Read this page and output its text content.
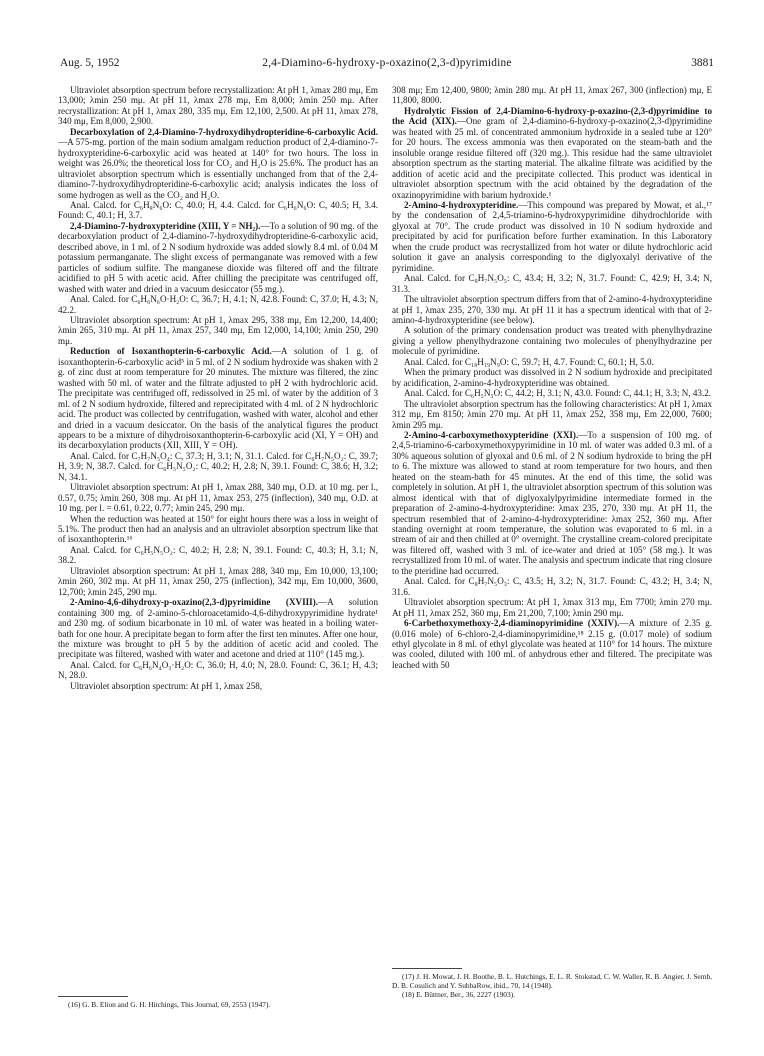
Aug. 5, 1952	2,4-Diamino-6-hydroxy-p-oxazino(2,3-d)pyrimidine	3881

Ultraviolet absorption spectrum before recrystallization: At pH 1, λmax 280 mμ, Em 13,000; λmin 250 mμ. At pH 11, λmax 278 mμ, Em 8,000; λmin 250 mμ. After recrystallization: At pH 1, λmax 280, 335 mμ, Em 12,100, 2,500. At pH 11, λmax 278, 340 mμ, Em 8,000, 2,900.

Decarboxylation of 2,4-Diamino-7-hydroxydihydropteridine-6-carboxylic Acid.—A 575-mg. portion of the main sodium amalgam reduction product of 2,4-diamino-7-hydroxypteridine-6-carboxylic acid was heated at 140° for two hours. The loss in weight was 26.0%; the theoretical loss for CO₂ and H₂O is 25.6%. The product has an ultraviolet absorption spectrum which is essentially unchanged from that of the 2,4-diamino-7-hydroxydihydropteridine-6-carboxylic acid; analysis indicates the loss of some hydrogen as well as the CO₂ and H₂O.

Anal. Calcd. for C₆H₈N₆O: C, 40.0; H, 4.4. Calcd. for C₆H₆N₆O: C, 40.5; H, 3.4. Found: C, 40.1; H, 3.7.

2,4-Diamino-7-hydroxypteridine (XIII, Y = NH₂).—To a solution of 90 mg. of the decarboxylation product of 2,4-diamino-7-hydroxydihydropteridine-6-carboxylic acid, described above, in 1 ml. of 2 N sodium hydroxide was added slowly 8.4 ml. of 0.04 M potassium permanganate. The slight excess of permanganate was removed with a few particles of sodium sulfite. The manganese dioxide was filtered off and the filtrate acidified to pH 5 with acetic acid. After chilling the precipitate was centrifuged off, washed with water and dried in a vacuum desiccator (55 mg.).

Anal. Calcd. for C₆H₆N₆O·H₂O: C, 36.7; H, 4.1; N, 42.8. Found: C, 37.0; H, 4.3; N, 42.2.

Ultraviolet absorption spectrum: At pH 1, λmax 295, 338 mμ, Em 12,200, 14,400; λmin 265, 310 mμ. At pH 11, λmax 257, 340 mμ, Em 12,000, 14,100; λmin 250, 290 mμ.

Reduction of Isoxanthopterin-6-carboxylic Acid.—A solution of 1 g. of isoxanthopterin-6-carboxylic acid⁵ in 5 ml. of 2 N sodium hydroxide was shaken with 2 g. of zinc dust at room temperature for 20 minutes. The mixture was filtered, the zinc washed with 50 ml. of water and the filtrate adjusted to pH 2 with hydrochloric acid. The precipitate was centrifuged off, redissolved in 25 ml. of water by the addition of 3 ml. of 2 N sodium hydroxide, filtered and reprecipitated with 4 ml. of 2 N hydrochloric acid. The product was collected by centrifugation, washed with water, alcohol and ether and dried in a vacuum desiccator. On the basis of the analytical figures the product appears to be a mixture of dihydroisoxanthopterin-6-carboxylic acid (XI, Y = OH) and its decarboxylation products (XII, XIII, Y = OH).

Anal. Calcd. for C₇H₇N₅O₄: C, 37.3; H, 3.1; N, 31.1. Calcd. for C₆H₇N₅O₂: C, 39.7; H, 3.9; N, 38.7. Calcd. for C₆H₅N₅O₂: C, 40.2; H, 2.8; N, 39.1. Found: C, 38.6; H, 3.2; N, 34.1.

Ultraviolet absorption spectrum: At pH 1, λmax 288, 340 mμ, O.D. at 10 mg. per l., 0.57, 0.75; λmin 260, 308 mμ. At pH 11, λmax 253, 275 (inflection), 340 mμ, O.D. at 10 mg. per l. = 0.61, 0.22, 0.77; λmin 245, 290 mμ.

When the reduction was heated at 150° for eight hours there was a loss in weight of 5.1%. The product then had an analysis and an ultraviolet absorption spectrum like that of isoxanthopterin.¹⁶

Anal. Calcd. for C₆H₅N₅O₂: C, 40.2; H, 2.8; N, 39.1. Found: C, 40.3; H, 3.1; N, 38.2.

Ultraviolet absorption spectrum: At pH 1, λmax 288, 340 mμ, Em 10,000, 13,100; λmin 260, 302 mμ. At pH 11, λmax 250, 275 (inflection), 342 mμ, Em 10,000, 3600, 12,700; λmin 245, 290 mμ.

2-Amino-4,6-dihydroxy-p-oxazino(2,3-d)pyrimidine (XVIII).—A solution containing 300 mg. of 2-amino-5-chloroacetamido-4,6-dihydroxypyrimidine hydrate¹ and 230 mg. of sodium bicarbonate in 10 ml. of water was heated in a boiling water-bath for one hour. A precipitate began to form after the first ten minutes. After one hour, the mixture was brought to pH 5 by the addition of acetic acid and cooled. The precipitate was filtered, washed with water and acetone and dried at 110° (145 mg.).

Anal. Calcd. for C₆H₆N₄O₃·H₂O: C, 36.0; H, 4.0; N, 28.0. Found: C, 36.1; H, 4.3; N, 28.0.

Ultraviolet absorption spectrum: At pH 1, λmax 258,

308 mμ; Em 12,400, 9800; λmin 280 mμ. At pH 11, λmax 267, 300 (inflection) mμ, E 11,800, 8000.

Hydrolytic Fission of 2,4-Diamino-6-hydroxy-p-oxazino-(2,3-d)pyrimidine to the Acid (XIX).—One gram of 2,4-diamino-6-hydroxy-p-oxazino(2,3-d)pyrimidine was heated with 25 ml. of concentrated ammonium hydroxide in a sealed tube at 120° for 20 hours. The excess ammonia was then evaporated on the steam-bath and the insoluble orange residue filtered off (320 mg.). This residue had the same ultraviolet absorption spectrum as the starting material. The alkaline filtrate was acidified by the addition of acetic acid and the precipitate collected. This product was identical in ultraviolet absorption spectrum with the acid obtained by the degradation of the oxazinopyrimidine with barium hydroxide.¹

2-Amino-4-hydroxypteridine.—This compound was prepared by Mowat, et al.,¹⁷ by the condensation of 2,4,5-triamino-6-hydroxypyrimidine dihydrochloride with glyoxal at 70°. The crude product was dissolved in 10 N sodium hydroxide and precipitated by acid for purification before further examination. In this Laboratory when the crude product was recrystallized from hot water or dilute hydrochloric acid solution it gave an analysis corresponding to the diglyoxalyl derivative of the pyrimidine.

Anal. Calcd. for C₈H₇N₅O₅: C, 43.4; H, 3.2; N, 31.7. Found: C, 42.9; H, 3.4; N, 31.3.

The ultraviolet absorption spectrum differs from that of 2-amino-4-hydroxypteridine at pH 1, λmax 235, 270, 330 mμ. At pH 11 it has a spectrum identical with that of 2-amino-4-hydroxypteridine (see below).

A solution of the primary condensation product was treated with phenylhydrazine giving a yellow phenylhydrazone containing two molecules of phenylhydrazine per molecule of pyrimidine.

Anal. Calcd. for C₁₈H₁₉N₉O: C, 59.7; H, 4.7. Found: C, 60.1; H, 5.0.

When the primary product was dissolved in 2 N sodium hydroxide and precipitated by acidification, 2-amino-4-hydroxypteridine was obtained.

Anal. Calcd. for C₆H₅N₅O: C, 44.2; H, 3.1; N, 43.0. Found: C, 44.1; H, 3.3; N, 43.2.

The ultraviolet absorption spectrum has the following characteristics: At pH 1, λmax 312 mμ, Em 8150; λmin 270 mμ. At pH 11, λmax 252, 358 mμ, Em 22,000, 7600; λmin 295 mμ.

2-Amino-4-carboxymethoxypteridine (XXI).—To a suspension of 100 mg. of 2,4,5-triamino-6-carboxymethoxypyrimidine in 10 ml. of water was added 0.3 ml. of a 30% aqueous solution of glyoxal and 0.6 ml. of 2 N sodium hydroxide to bring the pH to 6. The mixture was allowed to stand at room temperature for two hours, and then heated on the steam-bath for 45 minutes. At the end of this time, the solid was completely in solution. At pH 1, the ultraviolet absorption spectrum of this solution was almost identical with that of diglyoxalylpyrimidine intermediate formed in the preparation of 2-amino-4-hydroxypteridine: λmax 235, 270, 330 mμ. At pH 11, the spectrum resembled that of 2-amino-4-hydroxypteridine: λmax 252, 360 mμ. After standing overnight at room temperature, the solution was evaporated to 6 ml. in a stream of air and then chilled at 0° overnight. The crystalline cream-colored precipitate was filtered off, washed with 3 ml. of ice-water and dried at 105° (58 mg.). It was recrystallized from 10 ml. of water. The analysis and spectrum indicate that ring closure to the pteridine had occurred.

Anal. Calcd. for C₈H₇N₅O₃: C, 43.5; H, 3.2; N, 31.7. Found: C, 43.2; H, 3.4; N, 31.6.

Ultraviolet absorption spectrum: At pH 1, λmax 313 mμ, Em 7700; λmin 270 mμ. At pH 11, λmax 252, 360 mμ, Em 21,200, 7,100; λmin 290 mμ.

6-Carbethoxymethoxy-2,4-diaminopyrimidine (XXIV).—A mixture of 2.35 g. (0.016 mole) of 6-chloro-2,4-diaminopyrimidine,¹⁸ 2.15 g. (0.017 mole) of sodium ethyl glycolate in 8 ml. of ethyl glycolate was heated at 110° for 14 hours. The mixture was cooled, diluted with 100 ml. of anhydrous ether and filtered. The precipitate was leached with 50

(16) G. B. Elion and G. H. Hitchings, This Journal, 69, 2553 (1947).

(17) J. H. Mowat, J. H. Boothe, B. L. Hutchings, E. L. R. Stokstad, C. W. Waller, R. B. Angier, J. Semb, D. B. Cosulich and Y. SubbaRow, ibid., 70, 14 (1948).

(18) E. Büttner, Ber., 36, 2227 (1903).
